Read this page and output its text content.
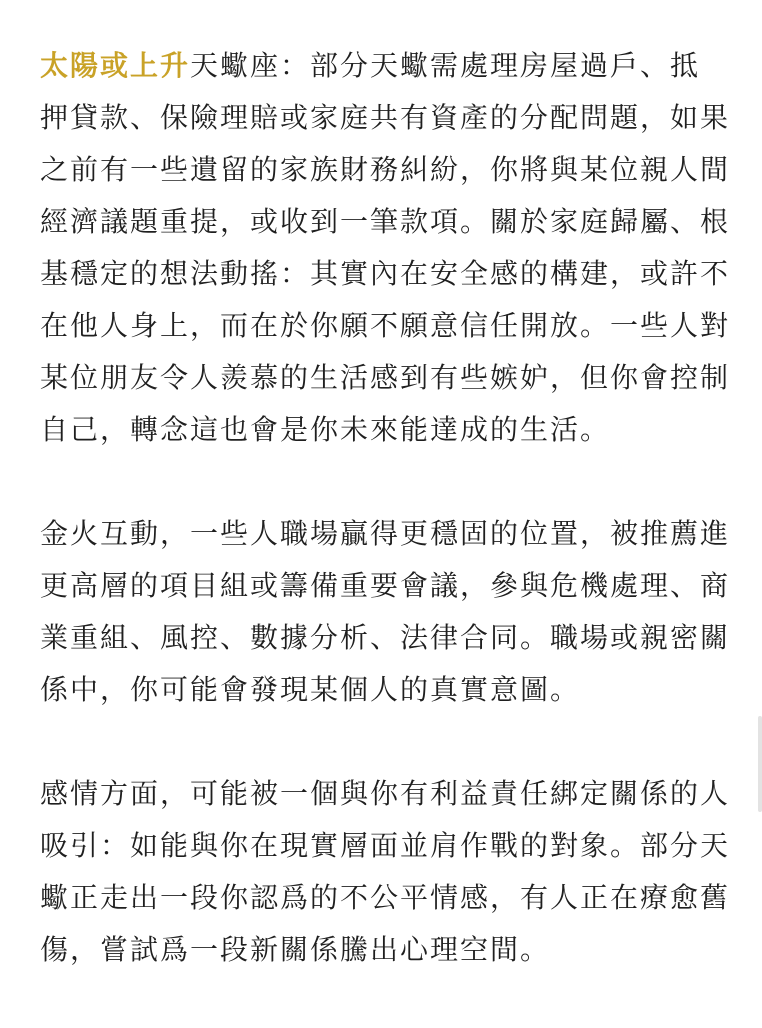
太陽或上升天蠍座：部分天蠍需處理房屋過戶、抵押貸款、保險理賠或家庭共有資產的分配問題，如果之前有一些遺留的家族財務糾紛，你將與某位親人間經濟議題重提，或收到一筆款項。關於家庭歸屬、根基穩定的想法動搖：其實內在安全感的構建，或許不在他人身上，而在於你願不願意信任開放。一些人對某位朋友令人羨慕的生活感到有些嫉妒，但你會控制自己，轉念這也會是你未來能達成的生活。

金火互動，一些人職場贏得更穩固的位置，被推薦進更高層的項目組或籌備重要會議，參與危機處理、商業重組、風控、數據分析、法律合同。職場或親密關係中，你可能會發現某個人的真實意圖。

感情方面，可能被一個與你有利益責任綁定關係的人吸引：如能與你在現實層面並肩作戰的對象。部分天蠍正走出一段你認爲的不公平情感，有人正在療愈舊傷，嘗試爲一段新關係騰出心理空間。
